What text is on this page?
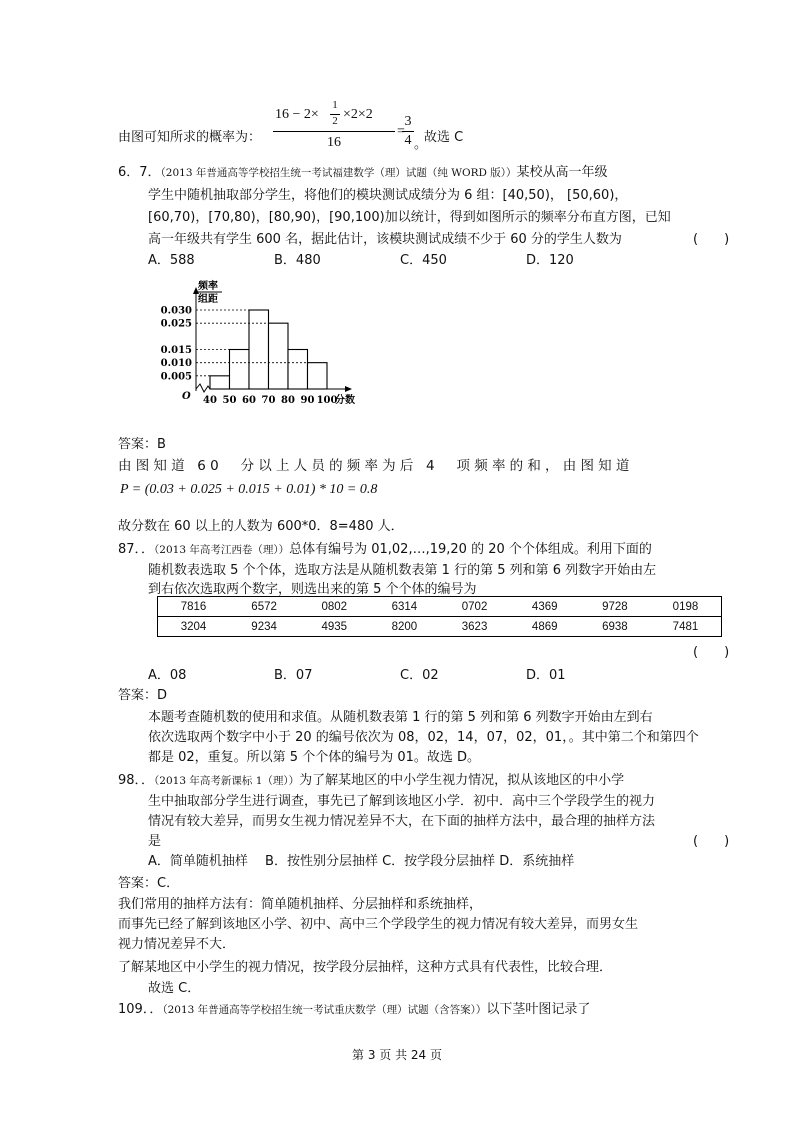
由图可知所求的概率为：
16 − 2×
1
2 ×2×2
16
=
3
4 。
故选 C
6．7．（2013 年普通高等学校招生统一考试福建数学（理）试题（纯 WORD 版））某校从高一年级
学生中随机抽取部分学生，将他们的模块测试成绩分为 6 组：[40,50)， [50,60)，
[60,70)，[70,80)，[80,90)，[90,100)加以统计，得到如图所示的频率分布直方图，已知
高一年级共有学生 600 名，据此估计，该模块测试成绩不少于 60 分的学生人数为	(　　)
A．588	B．480	C．450	D．120
频率
组距
0.030
0.025
0.015
0.010
0.005
40 50 60 70 80 90 100
O	分数
答案：B
由图知道 60　分以上人员的频率为后 4　项频率的和，由图知道
P = (0.03 + 0.025 + 0.015 + 0.01) * 10 = 0.8
故分数在 60 以上的人数为 600*0．8=480 人．
87．．（2013 年高考江西卷（理））总体有编号为 01,02,…,19,20 的 20 个个体组成。利用下面的
随机数表选取 5 个个体，选取方法是从随机数表第 1 行的第 5 列和第 6 列数字开始由左
到右依次选取两个数字，则选出来的第 5 个个体的编号为
7816	6572	0802	6314	0702	4369	9728	0198
3204	9234	4935	8200	3623	4869	6938	7481
(　　)
A．08	B．07	C．02	D．01
答案：D
本题考查随机数的使用和求值。从随机数表第 1 行的第 5 列和第 6 列数字开始由左到右
依次选取两个数字中小于 20 的编号依次为 08，02，14，07，02，01，。其中第二个和第四个
都是 02，重复。所以第 5 个个体的编号为 01。故选 D。
98．．（2013 年高考新课标 1（理））为了解某地区的中小学生视力情况，拟从该地区的中小学
生中抽取部分学生进行调查，事先已了解到该地区小学．初中．高中三个学段学生的视力
情况有较大差异，而男女生视力情况差异不大，在下面的抽样方法中，最合理的抽样方法
是	(　　)
A．简单随机抽样　 B．按性别分层抽样 C．按学段分层抽样 D．系统抽样
答案：C．
我们常用的抽样方法有：简单随机抽样、分层抽样和系统抽样，
而事先已经了解到该地区小学、初中、高中三个学段学生的视力情况有较大差异，而男女生
视力情况差异不大．
了解某地区中小学生的视力情况，按学段分层抽样，这种方式具有代表性，比较合理．
故选 C．
109．．（2013 年普通高等学校招生统一考试重庆数学（理）试题（含答案））以下茎叶图记录了
第 3 页 共 24 页
